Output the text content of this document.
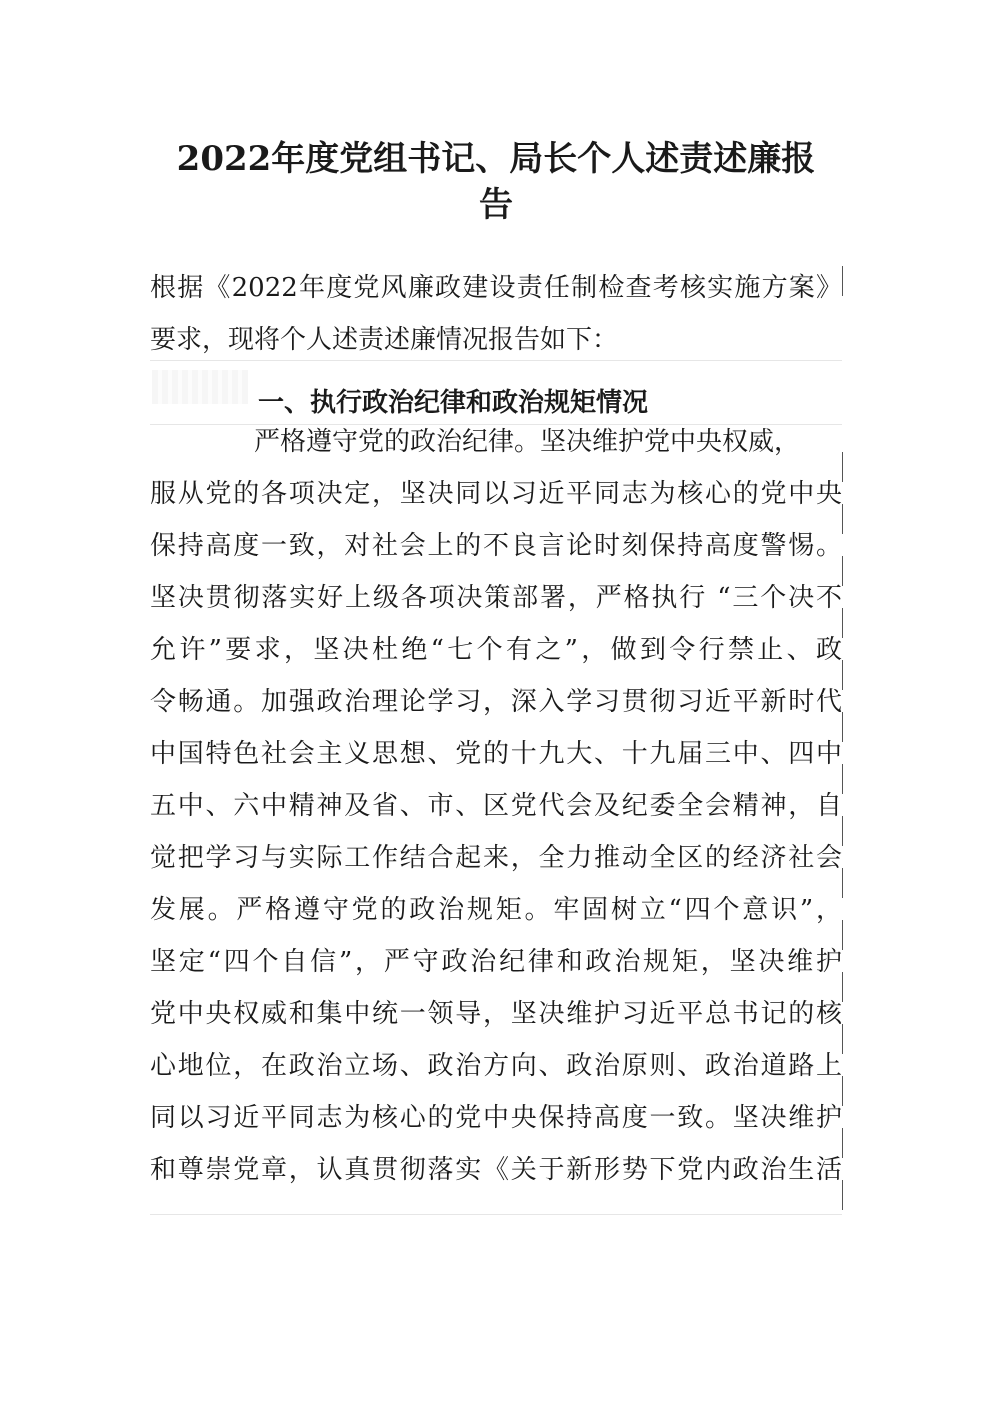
2022年度党组书记、局长个人述责述廉报
告
根据《2022年度党风廉政建设责任制检查考核实施方案》
要求，现将个人述责述廉情况报告如下：
一、执行政治纪律和政治规矩情况
严格遵守党的政治纪律。坚决维护党中央权威，
服从党的各项决定，坚决同以习近平同志为核心的党中央
保持高度一致，对社会上的不良言论时刻保持高度警惕。
坚决贯彻落实好上级各项决策部署，严格执行 “三个决不
允许”要求，坚决杜绝“七个有之”，做到令行禁止、政
令畅通。加强政治理论学习，深入学习贯彻习近平新时代
中国特色社会主义思想、党的十九大、十九届三中、四中
五中、六中精神及省、市、区党代会及纪委全会精神，自
觉把学习与实际工作结合起来，全力推动全区的经济社会
发展。严格遵守党的政治规矩。牢固树立“四个意识”，
坚定“四个自信”，严守政治纪律和政治规矩，坚决维护
党中央权威和集中统一领导，坚决维护习近平总书记的核
心地位，在政治立场、政治方向、政治原则、政治道路上
同以习近平同志为核心的党中央保持高度一致。坚决维护
和尊崇党章，认真贯彻落实《关于新形势下党内政治生活
